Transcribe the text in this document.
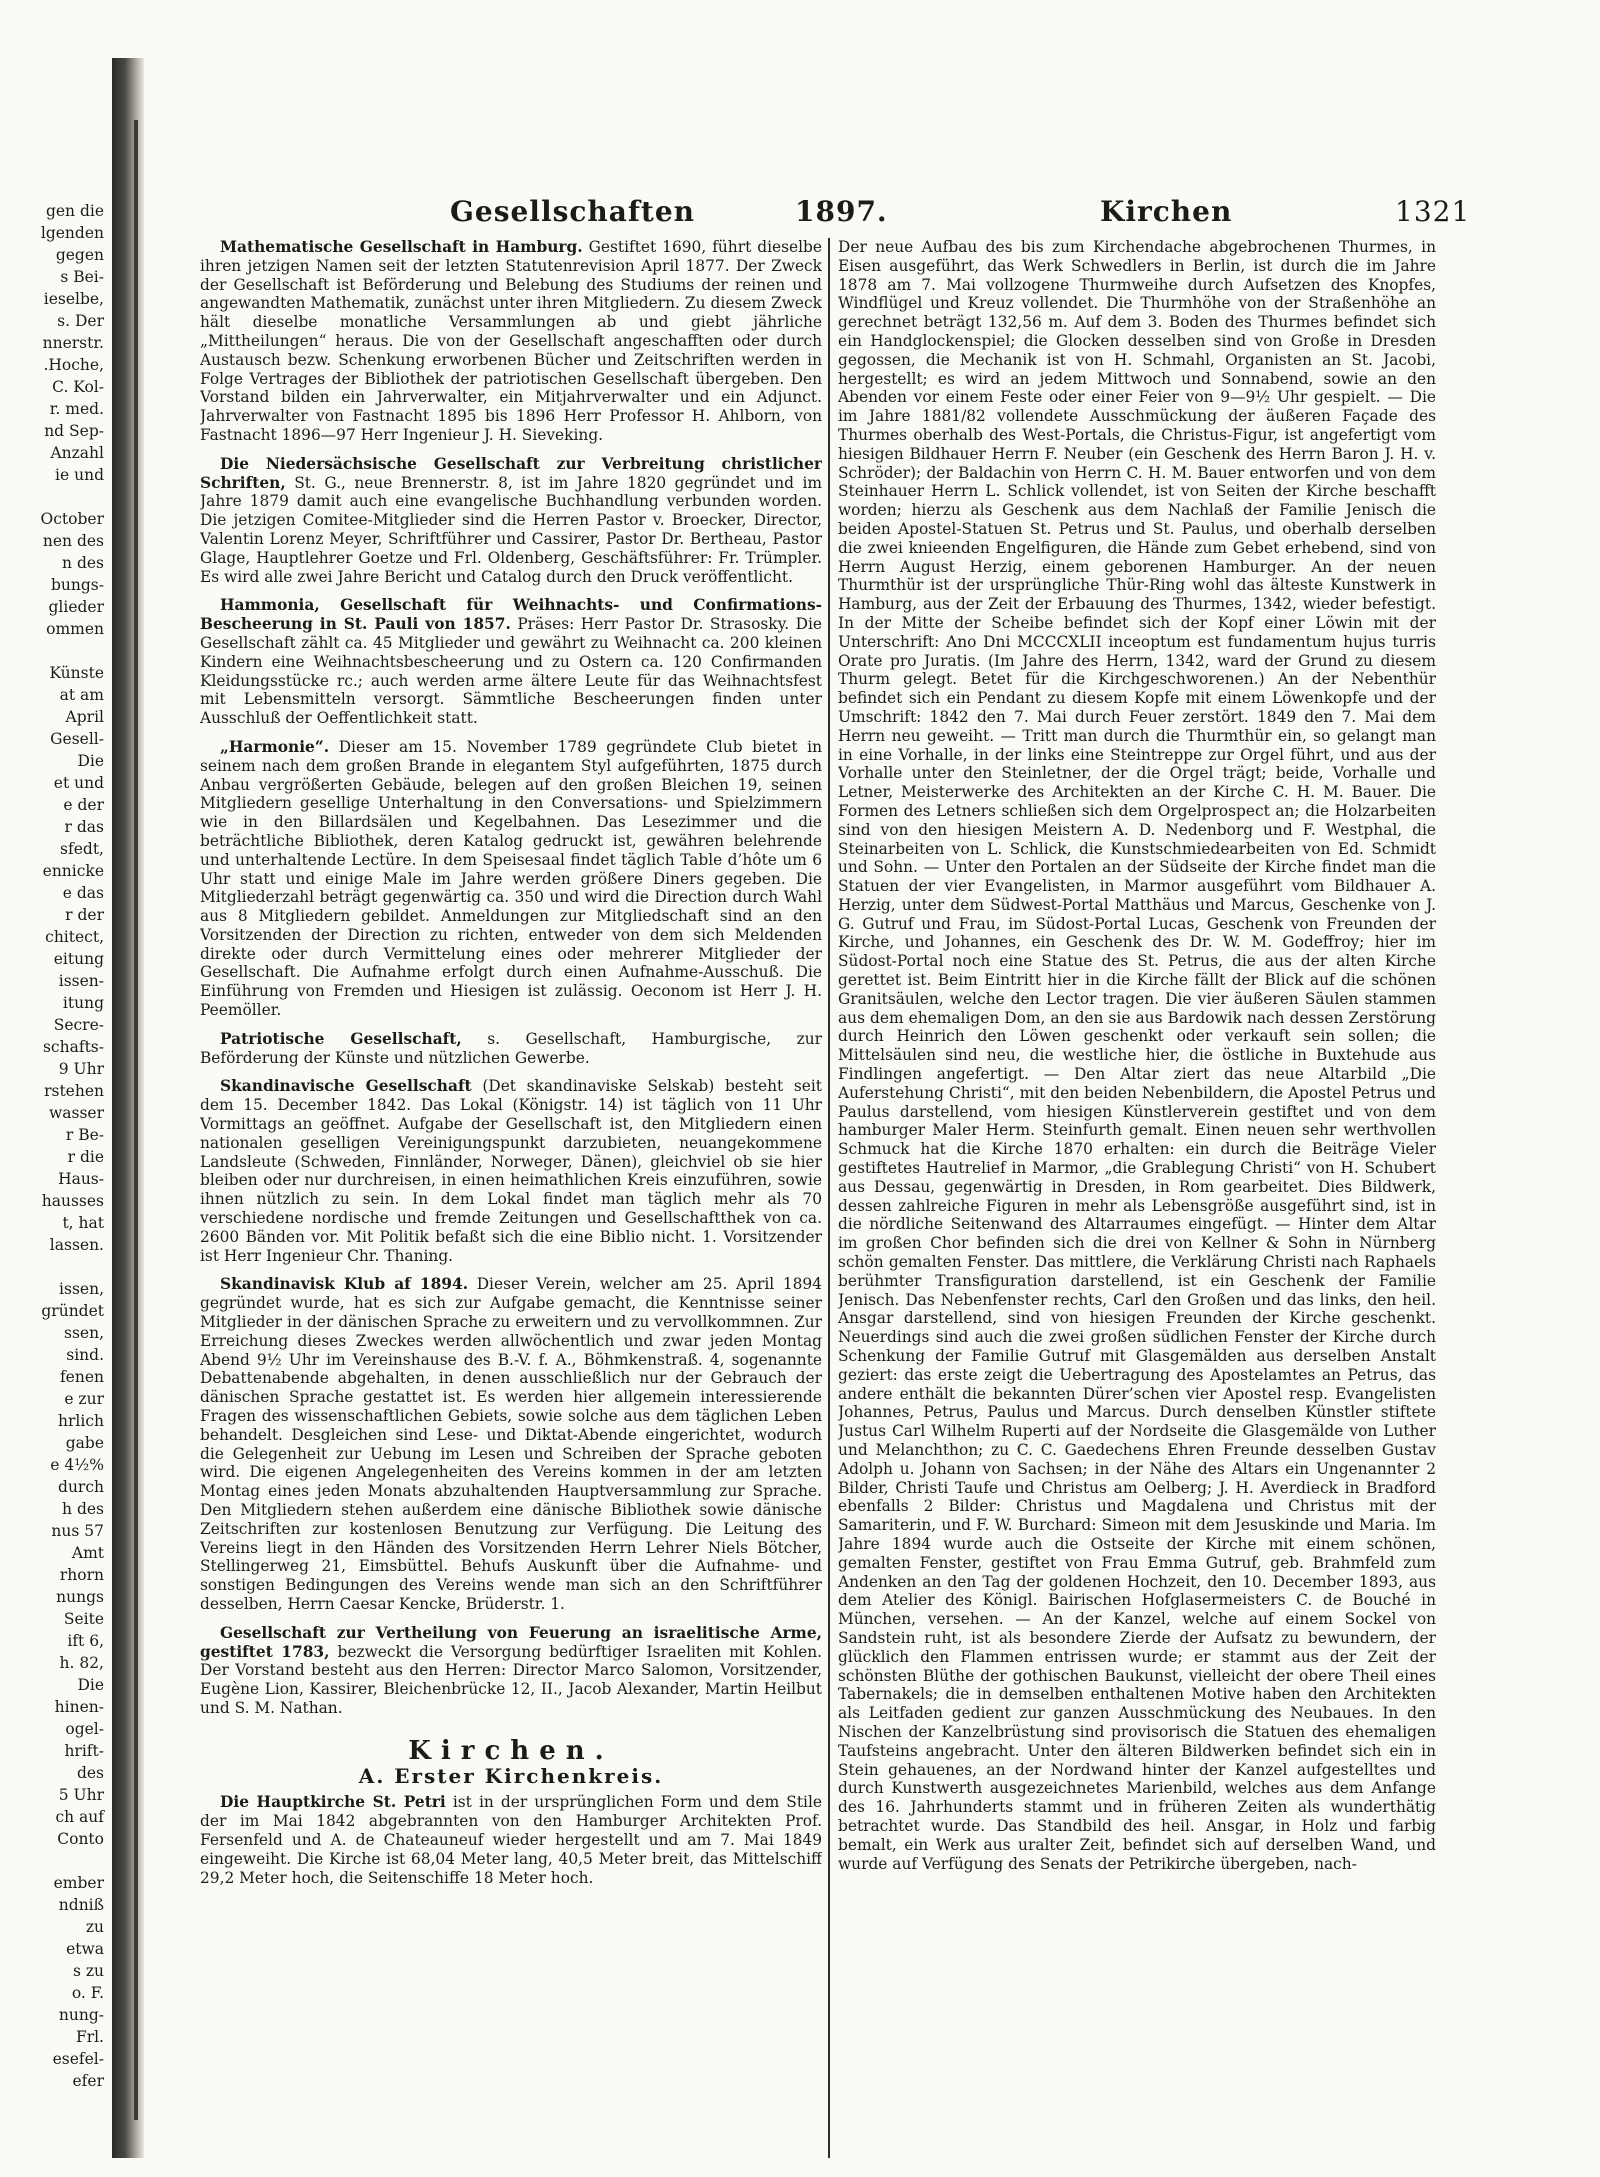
gen die

lgenden

gegen

s Bei-

ieselbe,

s. Der

nnerstr.

.Hoche,

C. Kol-

r. med.

nd Sep-

Anzahl

ie und

October

nen des

n des

bungs-

glieder

ommen

Künste

at am

April

Gesell-

Die

et und

e der

r das

sfedt,

ennicke

e das

r der

chitect,

eitung

issen-

itung

Secre-

schafts-

9 Uhr

rstehen

wasser

r Be-

r die

Haus-

hausses

t, hat

lassen.

issen,

gründet

ssen,

sind.

fenen

e zur

hrlich

gabe

e 4½%

durch

h des

nus 57

Amt

rhorn

nungs

Seite

ift 6,

h. 82,

Die

hinen-

ogel-

hrift-

des

5 Uhr

ch auf

Conto

ember

ndniß

zu

etwa

s zu

o. F.

nung-

Frl.

esefel-

efer

Gesellschaften	1897.	Kirchen	1321

Mathematische Gesellschaft in Hamburg. Gestiftet 1690, führt dieselbe ihren jetzigen Namen seit der letzten Statutenrevision April 1877. Der Zweck der Gesellschaft ist Beförderung und Belebung des Studiums der reinen und angewandten Mathematik, zunächst unter ihren Mitgliedern. Zu diesem Zweck hält dieselbe monatliche Versammlungen ab und giebt jährliche „Mittheilungen“ heraus. Die von der Gesellschaft angeschafften oder durch Austausch bezw. Schenkung erworbenen Bücher und Zeitschriften werden in Folge Vertrages der Bibliothek der patriotischen Gesellschaft übergeben. Den Vorstand bilden ein Jahrverwalter, ein Mitjahrverwalter und ein Adjunct. Jahrverwalter von Fastnacht 1895 bis 1896 Herr Professor H. Ahlborn, von Fastnacht 1896—97 Herr Ingenieur J. H. Sieveking.

Die Niedersächsische Gesellschaft zur Verbreitung christlicher Schriften, St. G., neue Brennerstr. 8, ist im Jahre 1820 gegründet und im Jahre 1879 damit auch eine evangelische Buchhandlung verbunden worden. Die jetzigen Comitee-Mitglieder sind die Herren Pastor v. Broecker, Director, Valentin Lorenz Meyer, Schriftführer und Cassirer, Pastor Dr. Bertheau, Pastor Glage, Hauptlehrer Goetze und Frl. Oldenberg, Geschäftsführer: Fr. Trümpler. Es wird alle zwei Jahre Bericht und Catalog durch den Druck veröffentlicht.

Hammonia, Gesellschaft für Weihnachts- und Confirmations-Bescheerung in St. Pauli von 1857. Präses: Herr Pastor Dr. Strasosky. Die Gesellschaft zählt ca. 45 Mitglieder und gewährt zu Weihnacht ca. 200 kleinen Kindern eine Weihnachtsbescheerung und zu Ostern ca. 120 Confirmanden Kleidungsstücke rc.; auch werden arme ältere Leute für das Weihnachtsfest mit Lebensmitteln versorgt. Sämmtliche Bescheerungen finden unter Ausschluß der Oeffentlichkeit statt.

„Harmonie“. Dieser am 15. November 1789 gegründete Club bietet in seinem nach dem großen Brande in elegantem Styl aufgeführten, 1875 durch Anbau vergrößerten Gebäude, belegen auf den großen Bleichen 19, seinen Mitgliedern gesellige Unterhaltung in den Conversations- und Spielzimmern wie in den Billardsälen und Kegelbahnen. Das Lesezimmer und die beträchtliche Bibliothek, deren Katalog gedruckt ist, gewähren belehrende und unterhaltende Lectüre. In dem Speisesaal findet täglich Table d’hôte um 6 Uhr statt und einige Male im Jahre werden größere Diners gegeben. Die Mitgliederzahl beträgt gegenwärtig ca. 350 und wird die Direction durch Wahl aus 8 Mitgliedern gebildet. Anmeldungen zur Mitgliedschaft sind an den Vorsitzenden der Direction zu richten, entweder von dem sich Meldenden direkte oder durch Vermittelung eines oder mehrerer Mitglieder der Gesellschaft. Die Aufnahme erfolgt durch einen Aufnahme-Ausschuß. Die Einführung von Fremden und Hiesigen ist zulässig. Oeconom ist Herr J. H. Peemöller.

Patriotische Gesellschaft, s. Gesellschaft, Hamburgische, zur Beförderung der Künste und nützlichen Gewerbe.

Skandinavische Gesellschaft (Det skandinaviske Selskab) besteht seit dem 15. December 1842. Das Lokal (Königstr. 14) ist täglich von 11 Uhr Vormittags an geöffnet. Aufgabe der Gesellschaft ist, den Mitgliedern einen nationalen geselligen Vereinigungspunkt darzubieten, neuangekommene Landsleute (Schweden, Finnländer, Norweger, Dänen), gleichviel ob sie hier bleiben oder nur durchreisen, in einen heimathlichen Kreis einzuführen, sowie ihnen nützlich zu sein. In dem Lokal findet man täglich mehr als 70 verschiedene nordische und fremde Zeitungen und Gesellschaftthek von ca. 2600 Bänden vor. Mit Politik befaßt sich die eine Biblio nicht. 1. Vorsitzender ist Herr Ingenieur Chr. Thaning.

Skandinavisk Klub af 1894. Dieser Verein, welcher am 25. April 1894 gegründet wurde, hat es sich zur Aufgabe gemacht, die Kenntnisse seiner Mitglieder in der dänischen Sprache zu erweitern und zu vervollkommnen. Zur Erreichung dieses Zweckes werden allwöchentlich und zwar jeden Montag Abend 9½ Uhr im Vereinshause des B.-V. f. A., Böhmkenstraß. 4, sogenannte Debattenabende abgehalten, in denen ausschließlich nur der Gebrauch der dänischen Sprache gestattet ist. Es werden hier allgemein interessierende Fragen des wissenschaftlichen Gebiets, sowie solche aus dem täglichen Leben behandelt. Desgleichen sind Lese- und Diktat-Abende eingerichtet, wodurch die Gelegenheit zur Uebung im Lesen und Schreiben der Sprache geboten wird. Die eigenen Angelegenheiten des Vereins kommen in der am letzten Montag eines jeden Monats abzuhaltenden Hauptversammlung zur Sprache. Den Mitgliedern stehen außerdem eine dänische Bibliothek sowie dänische Zeitschriften zur kostenlosen Benutzung zur Verfügung. Die Leitung des Vereins liegt in den Händen des Vorsitzenden Herrn Lehrer Niels Bötcher, Stellingerweg 21, Eimsbüttel. Behufs Auskunft über die Aufnahme- und sonstigen Bedingungen des Vereins wende man sich an den Schriftführer desselben, Herrn Caesar Kencke, Brüderstr. 1.

Gesellschaft zur Vertheilung von Feuerung an israelitische Arme, gestiftet 1783, bezweckt die Versorgung bedürftiger Israeliten mit Kohlen. Der Vorstand besteht aus den Herren: Director Marco Salomon, Vorsitzender, Eugène Lion, Kassirer, Bleichenbrücke 12, II., Jacob Alexander, Martin Heilbut und S. M. Nathan.

Kirchen.
A. Erster Kirchenkreis.

Die Hauptkirche St. Petri ist in der ursprünglichen Form und dem Stile der im Mai 1842 abgebrannten von den Hamburger Architekten Prof. Fersenfeld und A. de Chateauneuf wieder hergestellt und am 7. Mai 1849 eingeweiht. Die Kirche ist 68,04 Meter lang, 40,5 Meter breit, das Mittelschiff 29,2 Meter hoch, die Seitenschiffe 18 Meter hoch.

Der neue Aufbau des bis zum Kirchendache abgebrochenen Thurmes, in Eisen ausgeführt, das Werk Schwedlers in Berlin, ist durch die im Jahre 1878 am 7. Mai vollzogene Thurmweihe durch Aufsetzen des Knopfes, Windflügel und Kreuz vollendet. Die Thurmhöhe von der Straßenhöhe an gerechnet beträgt 132,56 m. Auf dem 3. Boden des Thurmes befindet sich ein Handglockenspiel; die Glocken desselben sind von Große in Dresden gegossen, die Mechanik ist von H. Schmahl, Organisten an St. Jacobi, hergestellt; es wird an jedem Mittwoch und Sonnabend, sowie an den Abenden vor einem Feste oder einer Feier von 9—9½ Uhr gespielt. — Die im Jahre 1881/82 vollendete Ausschmückung der äußeren Façade des Thurmes oberhalb des West-Portals, die Christus-Figur, ist angefertigt vom hiesigen Bildhauer Herrn F. Neuber (ein Geschenk des Herrn Baron J. H. v. Schröder); der Baldachin von Herrn C. H. M. Bauer entworfen und von dem Steinhauer Herrn L. Schlick vollendet, ist von Seiten der Kirche beschafft worden; hierzu als Geschenk aus dem Nachlaß der Familie Jenisch die beiden Apostel-Statuen St. Petrus und St. Paulus, und oberhalb derselben die zwei knieenden Engelfiguren, die Hände zum Gebet erhebend, sind von Herrn August Herzig, einem geborenen Hamburger. An der neuen Thurmthür ist der ursprüngliche Thür-Ring wohl das älteste Kunstwerk in Hamburg, aus der Zeit der Erbauung des Thurmes, 1342, wieder befestigt. In der Mitte der Scheibe befindet sich der Kopf einer Löwin mit der Unterschrift: Ano Dni MCCCXLII inceoptum est fundamentum hujus turris Orate pro Juratis. (Im Jahre des Herrn, 1342, ward der Grund zu diesem Thurm gelegt. Betet für die Kirchgeschworenen.) An der Nebenthür befindet sich ein Pendant zu diesem Kopfe mit einem Löwenkopfe und der Umschrift: 1842 den 7. Mai durch Feuer zerstört. 1849 den 7. Mai dem Herrn neu geweiht. — Tritt man durch die Thurmthür ein, so gelangt man in eine Vorhalle, in der links eine Steintreppe zur Orgel führt, und aus der Vorhalle unter den Steinletner, der die Orgel trägt; beide, Vorhalle und Letner, Meisterwerke des Architekten an der Kirche C. H. M. Bauer. Die Formen des Letners schließen sich dem Orgelprospect an; die Holzarbeiten sind von den hiesigen Meistern A. D. Nedenborg und F. Westphal, die Steinarbeiten von L. Schlick, die Kunstschmiedearbeiten von Ed. Schmidt und Sohn. — Unter den Portalen an der Südseite der Kirche findet man die Statuen der vier Evangelisten, in Marmor ausgeführt vom Bildhauer A. Herzig, unter dem Südwest-Portal Matthäus und Marcus, Geschenke von J. G. Gutruf und Frau, im Südost-Portal Lucas, Geschenk von Freunden der Kirche, und Johannes, ein Geschenk des Dr. W. M. Godeffroy; hier im Südost-Portal noch eine Statue des St. Petrus, die aus der alten Kirche gerettet ist. Beim Eintritt hier in die Kirche fällt der Blick auf die schönen Granitsäulen, welche den Lector tragen. Die vier äußeren Säulen stammen aus dem ehemaligen Dom, an den sie aus Bardowik nach dessen Zerstörung durch Heinrich den Löwen geschenkt oder verkauft sein sollen; die Mittelsäulen sind neu, die westliche hier, die östliche in Buxtehude aus Findlingen angefertigt. — Den Altar ziert das neue Altarbild „Die Auferstehung Christi“, mit den beiden Nebenbildern, die Apostel Petrus und Paulus darstellend, vom hiesigen Künstlerverein gestiftet und von dem hamburger Maler Herm. Steinfurth gemalt. Einen neuen sehr werthvollen Schmuck hat die Kirche 1870 erhalten: ein durch die Beiträge Vieler gestiftetes Hautrelief in Marmor, „die Grablegung Christi“ von H. Schubert aus Dessau, gegenwärtig in Dresden, in Rom gearbeitet. Dies Bildwerk, dessen zahlreiche Figuren in mehr als Lebensgröße ausgeführt sind, ist in die nördliche Seitenwand des Altarraumes eingefügt. — Hinter dem Altar im großen Chor befinden sich die drei von Kellner & Sohn in Nürnberg schön gemalten Fenster. Das mittlere, die Verklärung Christi nach Raphaels berühmter Transfiguration darstellend, ist ein Geschenk der Familie Jenisch. Das Nebenfenster rechts, Carl den Großen und das links, den heil. Ansgar darstellend, sind von hiesigen Freunden der Kirche geschenkt. Neuerdings sind auch die zwei großen südlichen Fenster der Kirche durch Schenkung der Familie Gutruf mit Glasgemälden aus derselben Anstalt geziert: das erste zeigt die Uebertragung des Apostelamtes an Petrus, das andere enthält die bekannten Dürer’schen vier Apostel resp. Evangelisten Johannes, Petrus, Paulus und Marcus. Durch denselben Künstler stiftete Justus Carl Wilhelm Ruperti auf der Nordseite die Glasgemälde von Luther und Melanchthon; zu C. C. Gaedechens Ehren Freunde desselben Gustav Adolph u. Johann von Sachsen; in der Nähe des Altars ein Ungenannter 2 Bilder, Christi Taufe und Christus am Oelberg; J. H. Averdieck in Bradford ebenfalls 2 Bilder: Christus und Magdalena und Christus mit der Samariterin, und F. W. Burchard: Simeon mit dem Jesuskinde und Maria. Im Jahre 1894 wurde auch die Ostseite der Kirche mit einem schönen, gemalten Fenster, gestiftet von Frau Emma Gutruf, geb. Brahmfeld zum Andenken an den Tag der goldenen Hochzeit, den 10. December 1893, aus dem Atelier des Königl. Bairischen Hofglasermeisters C. de Bouché in München, versehen. — An der Kanzel, welche auf einem Sockel von Sandstein ruht, ist als besondere Zierde der Aufsatz zu bewundern, der glücklich den Flammen entrissen wurde; er stammt aus der Zeit der schönsten Blüthe der gothischen Baukunst, vielleicht der obere Theil eines Tabernakels; die in demselben enthaltenen Motive haben den Architekten als Leitfaden gedient zur ganzen Ausschmückung des Neubaues. In den Nischen der Kanzelbrüstung sind provisorisch die Statuen des ehemaligen Taufsteins angebracht. Unter den älteren Bildwerken befindet sich ein in Stein gehauenes, an der Nordwand hinter der Kanzel aufgestelltes und durch Kunstwerth ausgezeichnetes Marienbild, welches aus dem Anfange des 16. Jahrhunderts stammt und in früheren Zeiten als wunderthätig betrachtet wurde. Das Standbild des heil. Ansgar, in Holz und farbig bemalt, ein Werk aus uralter Zeit, befindet sich auf derselben Wand, und wurde auf Verfügung des Senats der Petrikirche übergeben, nach-
